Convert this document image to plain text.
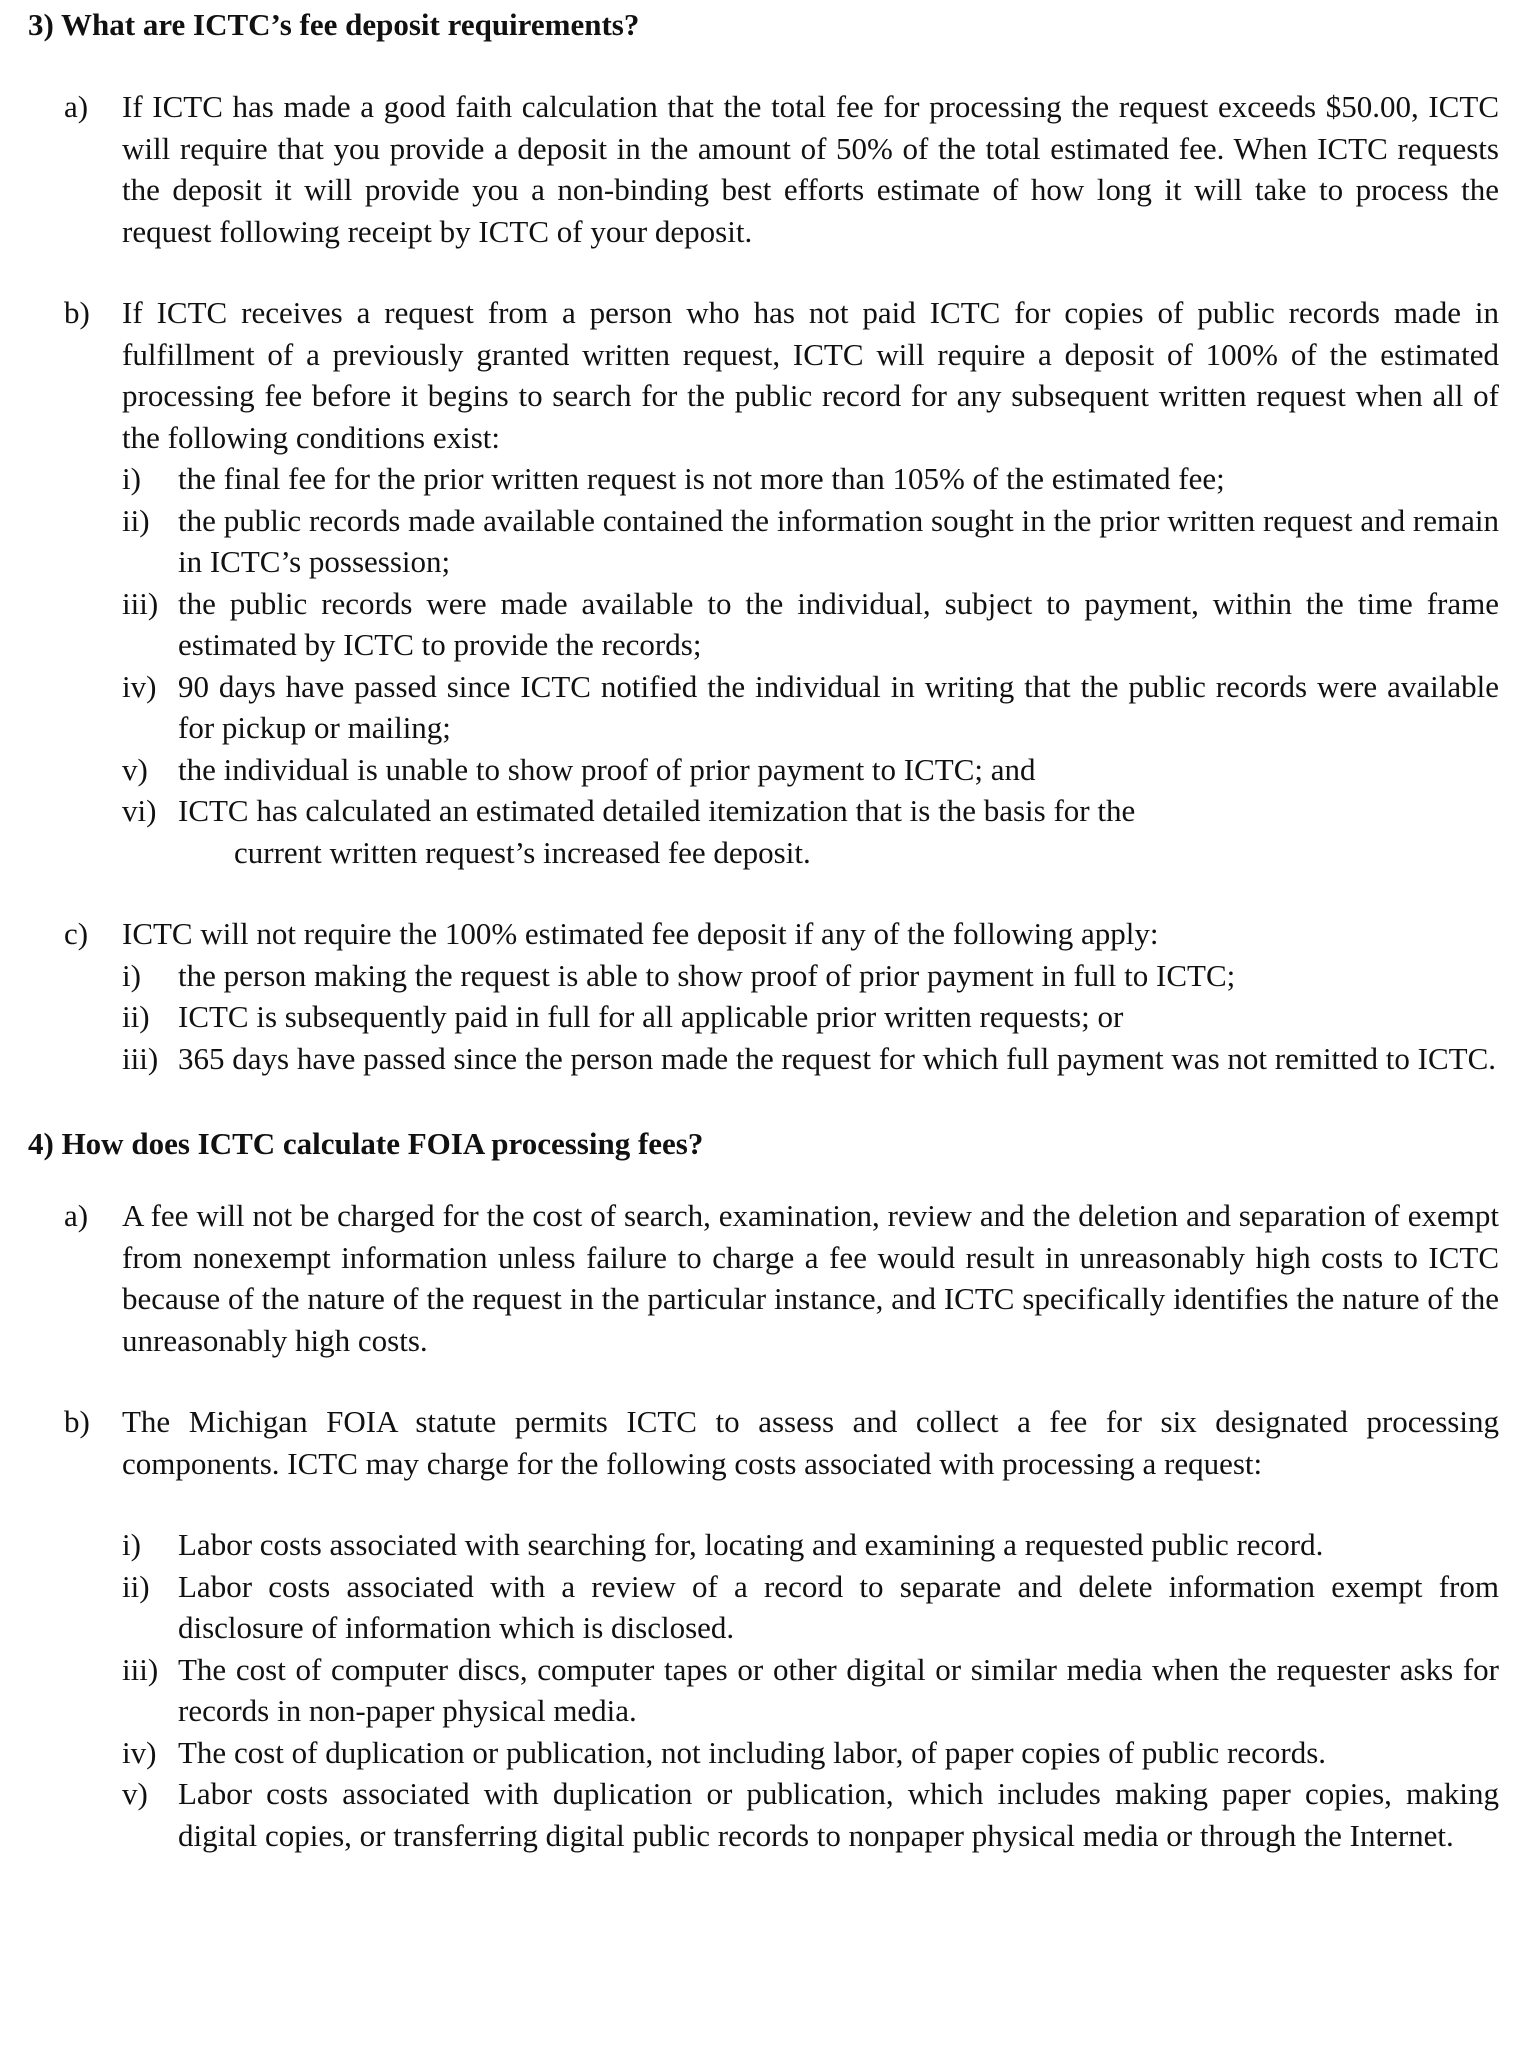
3) What are ICTC’s fee deposit requirements?
a)	If ICTC has made a good faith calculation that the total fee for processing the request exceeds $50.00, ICTC will require that you provide a deposit in the amount of 50% of the total estimated fee. When ICTC requests the deposit it will provide you a non-binding best efforts estimate of how long it will take to process the request following receipt by ICTC of your deposit.

b)	If ICTC receives a request from a person who has not paid ICTC for copies of public records made in fulfillment of a previously granted written request, ICTC will require a deposit of 100% of the estimated processing fee before it begins to search for the public record for any subsequent written request when all of the following conditions exist:

i)	the final fee for the prior written request is not more than 105% of the estimated fee;
ii) the public records made available contained the information sought in the prior written request and remain in ICTC’s possession;
iii) the public records were made available to the individual, subject to payment, within the time frame estimated by ICTC to provide the records;
iv) 90 days have passed since ICTC notified the individual in writing that the public records were available for pickup or mailing;
v) the individual is unable to show proof of prior payment to ICTC; and
vi) ICTC has calculated an estimated detailed itemization that is the basis for the
current written request’s increased fee deposit.
c)	ICTC will not require the 100% estimated fee deposit if any of the following apply:

i)	the person making the request is able to show proof of prior payment in full to ICTC;
ii) ICTC is subsequently paid in full for all applicable prior written requests; or
iii) 365 days have passed since the person made the request for which full payment was not remitted to ICTC.
4) How does ICTC calculate FOIA processing fees?
a)	A fee will not be charged for the cost of search, examination, review and the deletion and separation of exempt from nonexempt information unless failure to charge a fee would result in unreasonably high costs to ICTC because of the nature of the request in the particular instance, and ICTC specifically identifies the nature of the unreasonably high costs.

b)	The Michigan FOIA statute permits ICTC to assess and collect a fee for six designated processing components. ICTC may charge for the following costs associated with processing a request:

i)	Labor costs associated with searching for, locating and examining a requested public record.
ii) Labor costs associated with a review of a record to separate and delete information exempt from disclosure of information which is disclosed.
iii) The cost of computer discs, computer tapes or other digital or similar media when the requester asks for records in non-paper physical media.
iv) The cost of duplication or publication, not including labor, of paper copies of public records.
v) Labor costs associated with duplication or publication, which includes making paper copies, making digital copies, or transferring digital public records to nonpaper physical media or through the Internet.
